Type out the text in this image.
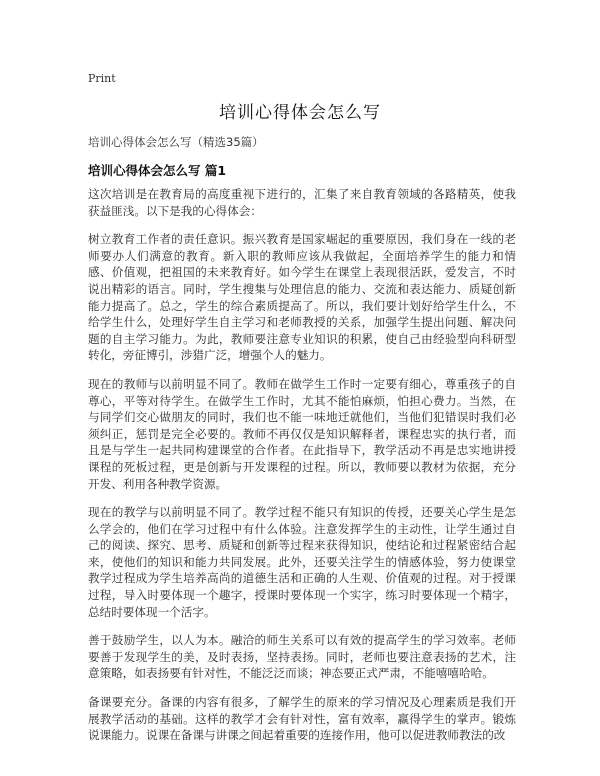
Print
培训心得体会怎么写
培训心得体会怎么写（精选35篇）
培训心得体会怎么写 篇1

这次培训是在教育局的高度重视下进行的，汇集了来自教育领域的各路精英，使我获益匪浅。以下是我的心得体会：

树立教育工作者的责任意识。振兴教育是国家崛起的重要原因，我们身在一线的老师要办人们满意的教育。新入职的教师应该从我做起，全面培养学生的能力和情感、价值观，把祖国的未来教育好。如今学生在课堂上表现很活跃，爱发言，不时说出精彩的语言。同时，学生搜集与处理信息的能力、交流和表达能力、质疑创新能力提高了。总之，学生的综合素质提高了。所以，我们要计划好给学生什么，不给学生什么，处理好学生自主学习和老师教授的关系，加强学生提出问题、解决问题的自主学习能力。为此，教师要注意专业知识的积累，使自己由经验型向科研型转化，旁征博引，涉猎广泛，增强个人的魅力。

现在的教师与以前明显不同了。教师在做学生工作时一定要有细心，尊重孩子的自尊心，平等对待学生。在做学生工作时，尤其不能怕麻烦，怕担心费力。当然，在与同学们交心做朋友的同时，我们也不能一味地迁就他们，当他们犯错误时我们必须纠正，惩罚是完全必要的。教师不再仅仅是知识解释者，课程忠实的执行者，而且是与学生一起共同构建课堂的合作者。在此指导下，教学活动不再是忠实地讲授课程的死板过程，更是创新与开发课程的过程。所以，教师要以教材为依据，充分开发、利用各种教学资源。

现在的教学与以前明显不同了。教学过程不能只有知识的传授，还要关心学生是怎么学会的，他们在学习过程中有什么体验。注意发挥学生的主动性，让学生通过自己的阅读、探究、思考、质疑和创新等过程来获得知识，使结论和过程紧密结合起来，使他们的知识和能力共同发展。此外，还要关注学生的情感体验，努力使课堂教学过程成为学生培养高尚的道德生活和正确的人生观、价值观的过程。对于授课过程，导入时要体现一个趣字，授课时要体现一个实字，练习时要体现一个精字，总结时要体现一个活字。

善于鼓励学生，以人为本。融洽的师生关系可以有效的提高学生的学习效率。老师要善于发现学生的美，及时表扬，坚持表扬。同时，老师也要注意表扬的艺术，注意策略，如表扬要有针对性，不能泛泛而谈；神态要正式严肃，不能嘻嘻哈哈。

备课要充分。备课的内容有很多，了解学生的原来的学习情况及心理素质是我们开展教学活动的基础。这样的教学才会有针对性，富有效率，赢得学生的掌声。锻炼说课能力。说课在备课与讲课之间起着重要的连接作用，他可以促进教师教法的改
